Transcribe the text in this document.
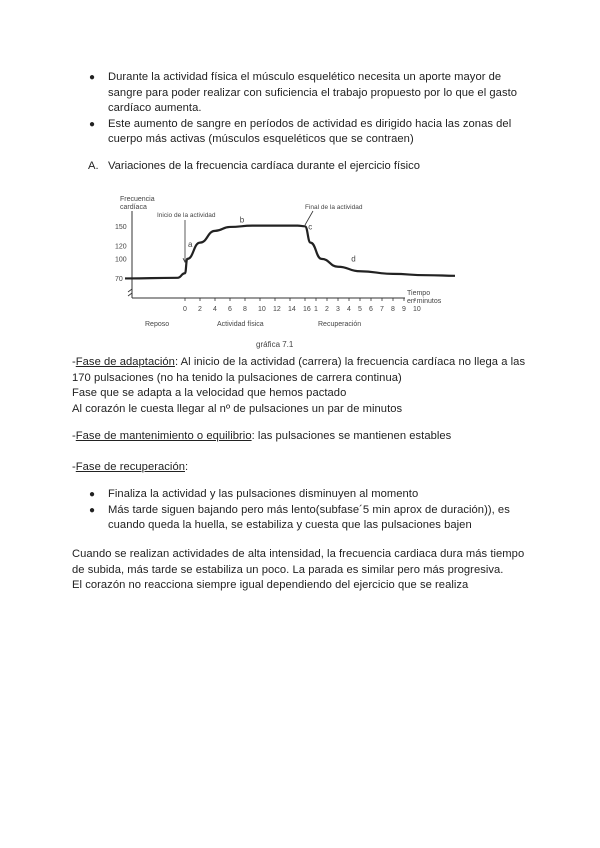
● Durante la actividad física el músculo esquelético necesita un aporte mayor de sangre para poder realizar con suficiencia el trabajo propuesto por lo que el gasto cardíaco aumenta.
● Este aumento de sangre en períodos de actividad es dirigido hacia las zonas del cuerpo más activas (músculos esqueléticos que se contraen)
A. Variaciones de la frecuencia cardíaca durante el ejercicio físico
Frecuencia
cardíaca
150
120
100
70
0 2 4 6 8 10 12 14 16 1 2 3 4 5 6 7 8 9 10
Inicio de la actividad
Final de la actividad
a
b
c
d
Tiempo
en minutos
Reposo	Actividad física	Recuperación
gráfica 7.1
-Fase de adaptación: Al inicio de la actividad (carrera) la frecuencia cardíaca no llega a las
170 pulsaciones (no ha tenido la pulsaciones de carrera continua)
Fase que se adapta a la velocidad que hemos pactado
Al corazón le cuesta llegar al nº de pulsaciones un par de minutos
-Fase de mantenimiento o equilibrio: las pulsaciones se mantienen estables
-Fase de recuperación:
● Finaliza la actividad y las pulsaciones disminuyen al momento
● Más tarde siguen bajando pero más lento(subfase´5 min aprox de duración)), es cuando queda la huella, se estabiliza y cuesta que las pulsaciones bajen
Cuando se realizan actividades de alta intensidad, la frecuencia cardiaca dura más tiempo
de subida, más tarde se estabiliza un poco. La parada es similar pero más progresiva.
El corazón no reacciona siempre igual dependiendo del ejercicio que se realiza
